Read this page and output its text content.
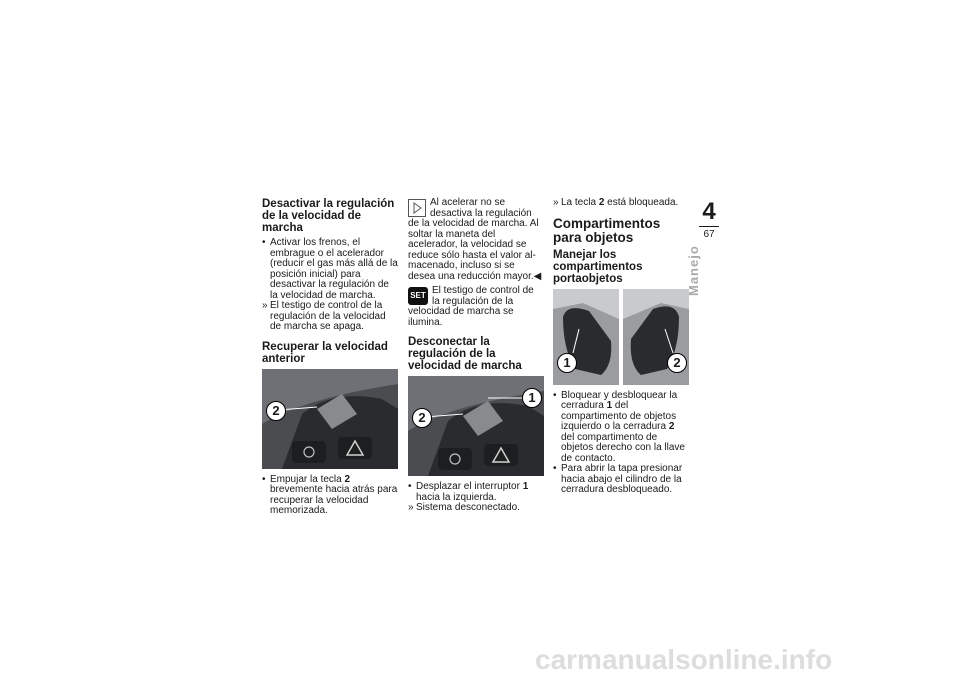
Desactivar la regulación de la velocidad de marcha

• Activar los frenos, el embrague o el acelerador (reducir el gas más allá de la posición inicial) para desactivar la regulación de la velocidad de marcha.

» El testigo de control de la regulación de la velocidad de marcha se apaga.

Recuperar la velocidad anterior
2

• Empujar la tecla 2 brevemente hacia atrás para recuperar la velocidad memorizada.

Al acelerar no se desactiva la regulación de la velocidad de marcha. Al soltar la maneta del acelerador, la velocidad se reduce sólo hasta el valor al-macenado, incluso si se desea una reducción mayor.◀

SET El testigo de control de la regulación de la velocidad de marcha se ilumina.

Desconectar la regulación de la velocidad de marcha
1
2

• Desplazar el interruptor 1 hacia la izquierda.

» Sistema desconectado.

» La tecla 2 está bloqueada.

Compartimentos para objetos
Manejar los compartimentos portaobjetos
1	2

• Bloquear y desbloquear la cerradura 1 del compartimento de objetos izquierdo o la cerradura 2 del compartimento de objetos derecho con la llave de contacto.

• Para abrir la tapa presionar hacia abajo el cilindro de la cerradura desbloqueado.

4
67
Manejo
carmanualsonline.info
